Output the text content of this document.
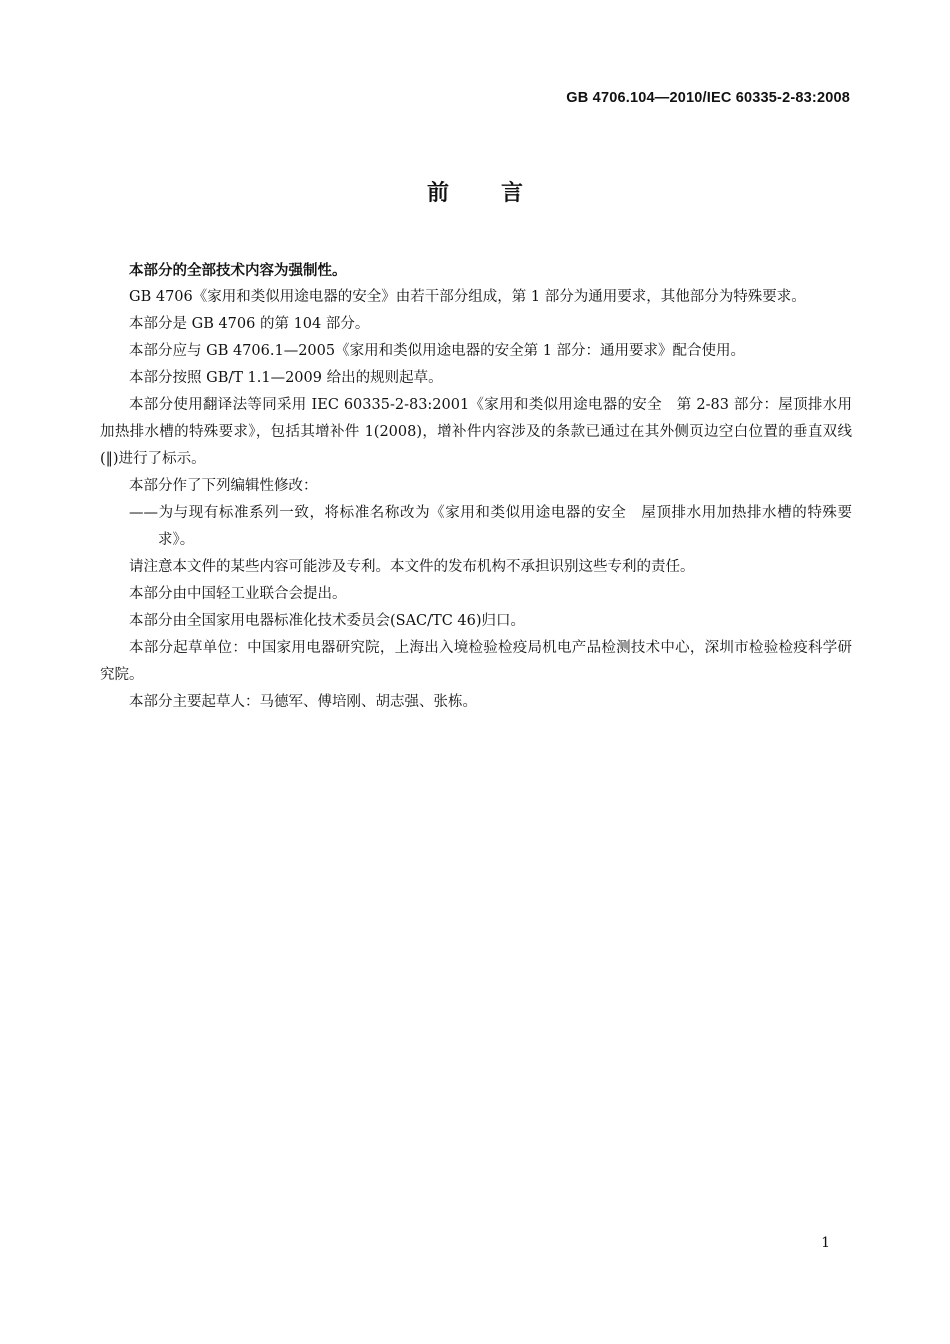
GB 4706.104—2010/IEC 60335-2-83:2008
前言

本部分的全部技术内容为强制性。

GB 4706《家用和类似用途电器的安全》由若干部分组成，第 1 部分为通用要求，其他部分为特殊要求。

本部分是 GB 4706 的第 104 部分。

本部分应与 GB 4706.1—2005《家用和类似用途电器的安全第 1 部分：通用要求》配合使用。

本部分按照 GB/T 1.1—2009 给出的规则起草。

本部分使用翻译法等同采用 IEC 60335-2-83:2001《家用和类似用途电器的安全　第 2-83 部分：屋顶排水用加热排水槽的特殊要求》，包括其增补件 1(2008)，增补件内容涉及的条款已通过在其外侧页边空白位置的垂直双线(‖)进行了标示。

本部分作了下列编辑性修改：

——为与现有标准系列一致，将标准名称改为《家用和类似用途电器的安全　屋顶排水用加热排水槽的特殊要求》。

请注意本文件的某些内容可能涉及专利。本文件的发布机构不承担识别这些专利的责任。

本部分由中国轻工业联合会提出。

本部分由全国家用电器标准化技术委员会(SAC/TC 46)归口。

本部分起草单位：中国家用电器研究院，上海出入境检验检疫局机电产品检测技术中心，深圳市检验检疫科学研究院。

本部分主要起草人：马德军、傅培刚、胡志强、张栋。

1
